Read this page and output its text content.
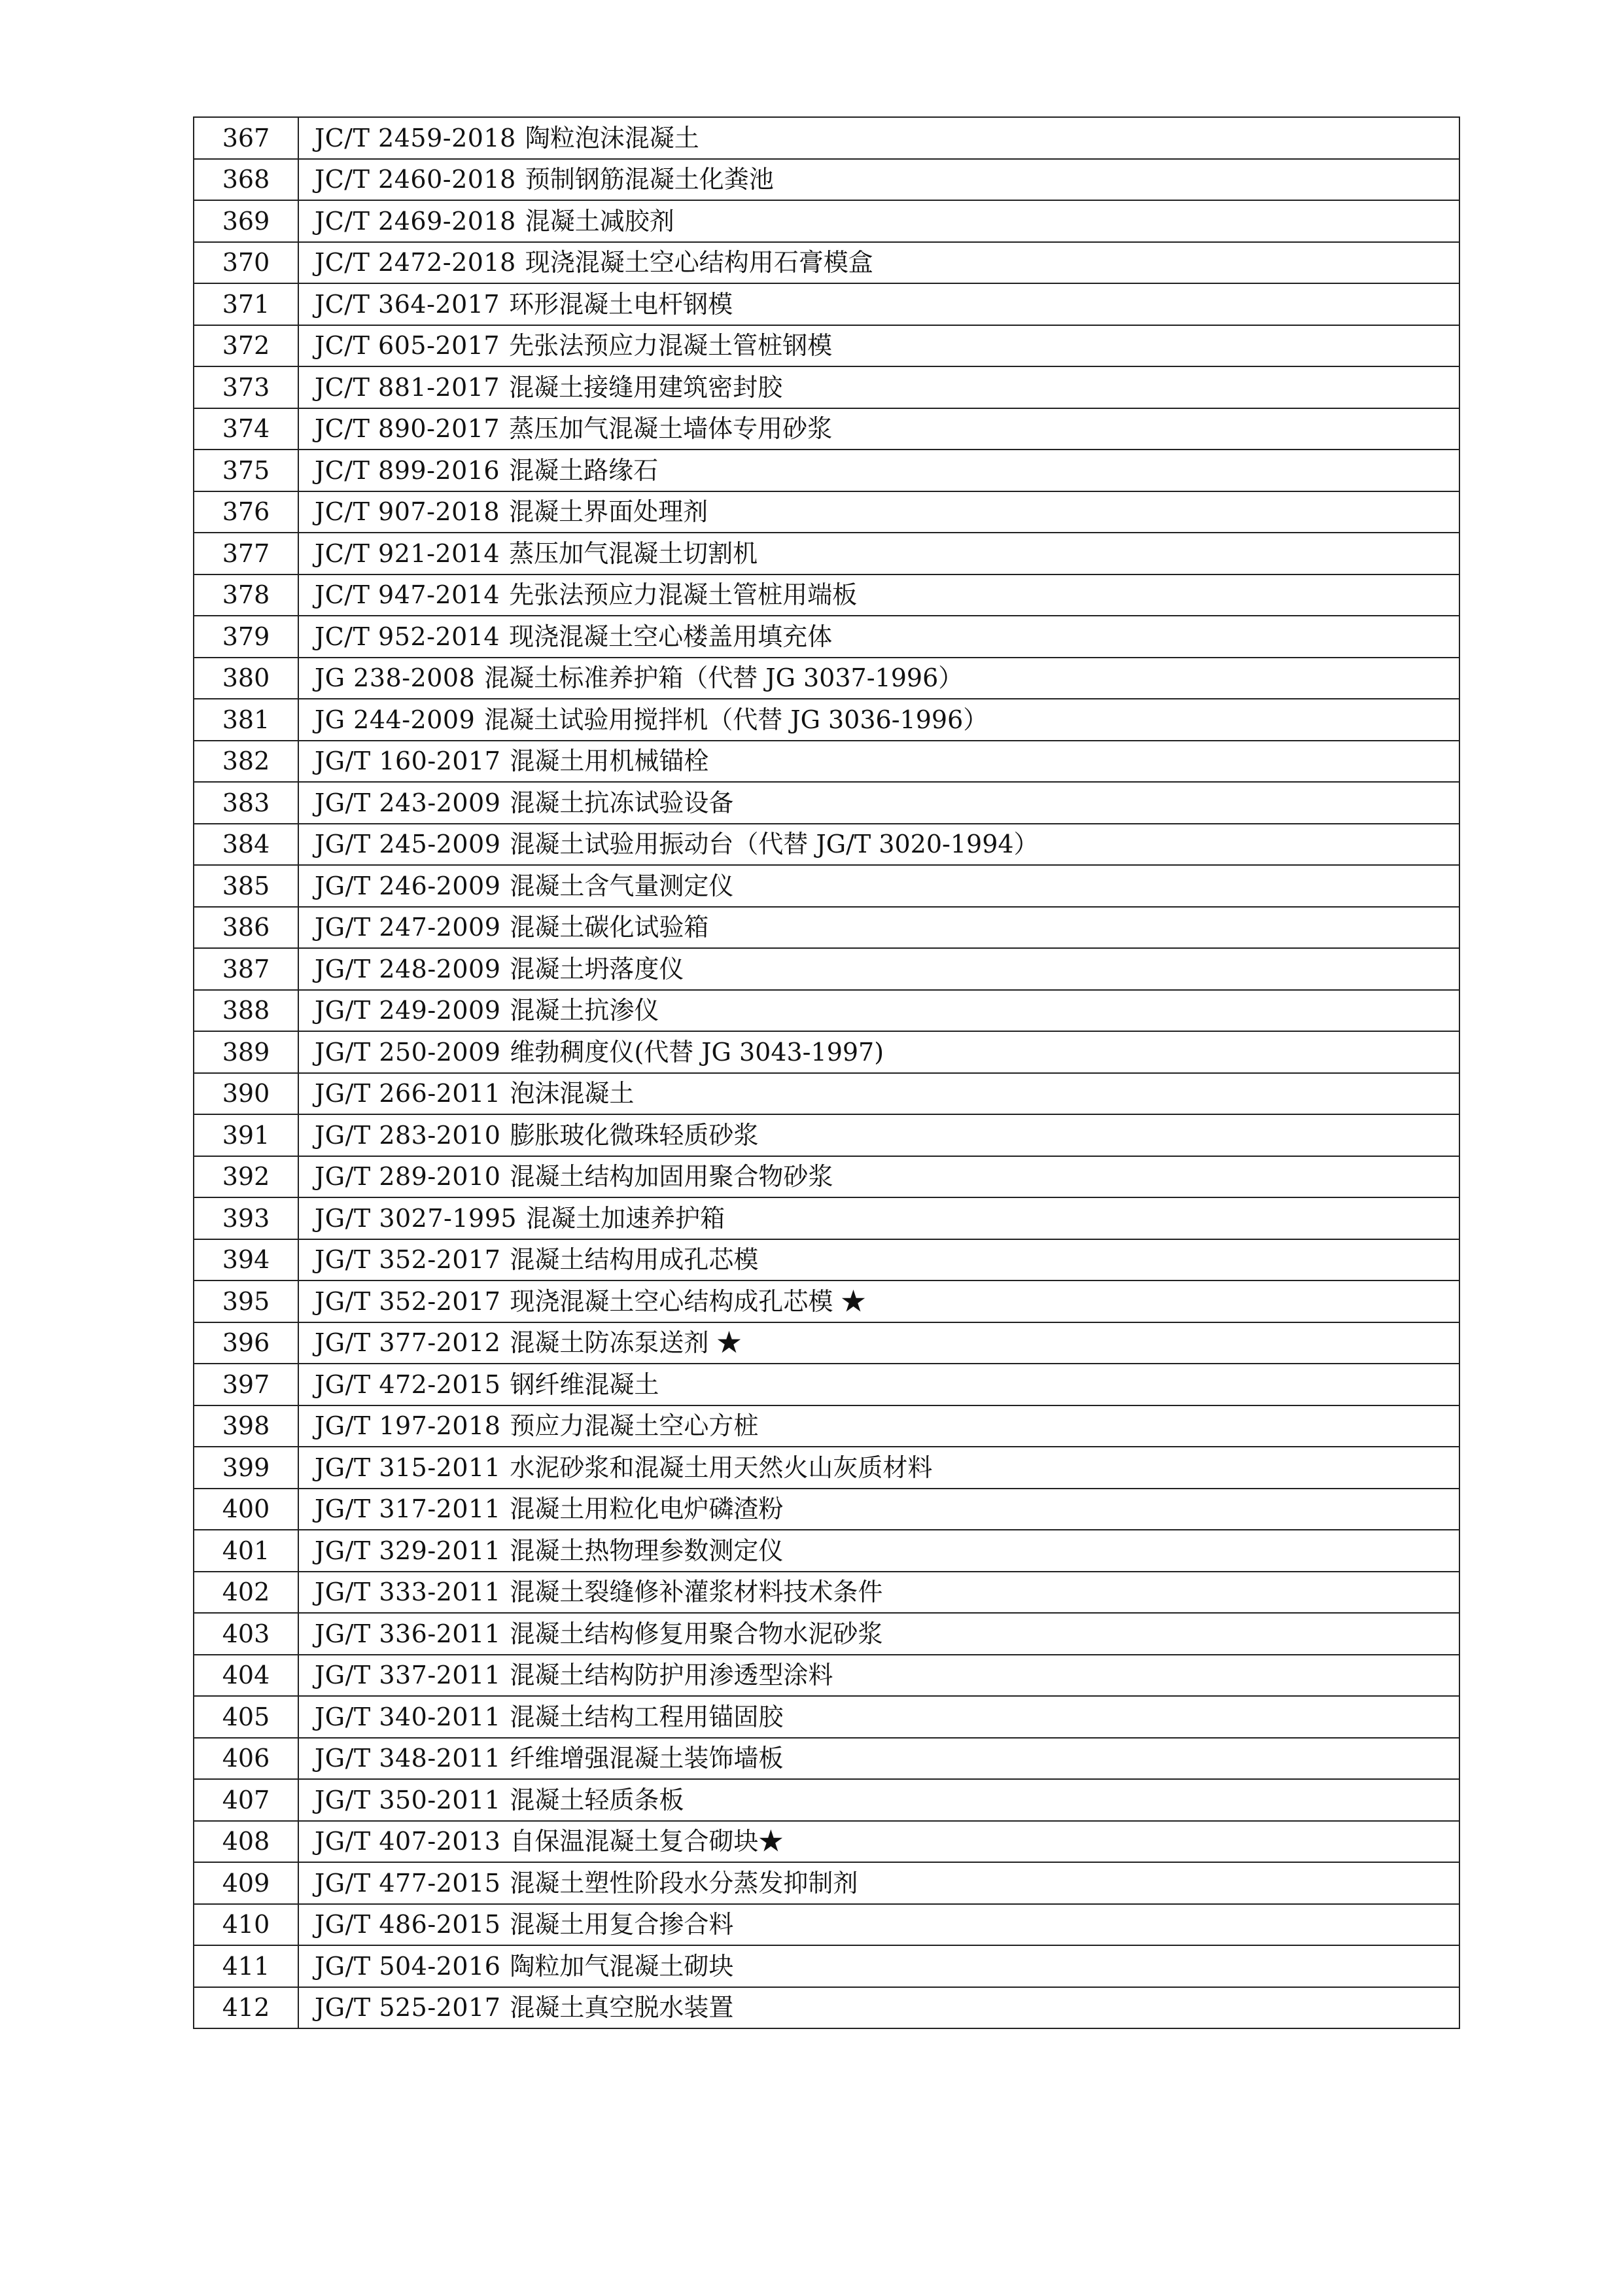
367	JC/T 2459-2018 陶粒泡沫混凝土
368	JC/T 2460-2018 预制钢筋混凝土化粪池
369	JC/T 2469-2018 混凝土减胶剂
370	JC/T 2472-2018 现浇混凝土空心结构用石膏模盒
371	JC/T 364-2017 环形混凝土电杆钢模
372	JC/T 605-2017 先张法预应力混凝土管桩钢模
373	JC/T 881-2017 混凝土接缝用建筑密封胶
374	JC/T 890-2017 蒸压加气混凝土墙体专用砂浆
375	JC/T 899-2016 混凝土路缘石
376	JC/T 907-2018 混凝土界面处理剂
377	JC/T 921-2014 蒸压加气混凝土切割机
378	JC/T 947-2014 先张法预应力混凝土管桩用端板
379	JC/T 952-2014 现浇混凝土空心楼盖用填充体
380	JG 238-2008 混凝土标准养护箱（代替 JG 3037-1996）
381	JG 244-2009 混凝土试验用搅拌机（代替 JG 3036-1996）
382	JG/T 160-2017 混凝土用机械锚栓
383	JG/T 243-2009 混凝土抗冻试验设备
384	JG/T 245-2009 混凝土试验用振动台（代替 JG/T 3020-1994）
385	JG/T 246-2009 混凝土含气量测定仪
386	JG/T 247-2009 混凝土碳化试验箱
387	JG/T 248-2009 混凝土坍落度仪
388	JG/T 249-2009 混凝土抗渗仪
389	JG/T 250-2009 维勃稠度仪(代替 JG 3043-1997)
390	JG/T 266-2011 泡沫混凝土
391	JG/T 283-2010 膨胀玻化微珠轻质砂浆
392	JG/T 289-2010 混凝土结构加固用聚合物砂浆
393	JG/T 3027-1995 混凝土加速养护箱
394	JG/T 352-2017 混凝土结构用成孔芯模
395	JG/T 352-2017 现浇混凝土空心结构成孔芯模 ★
396	JG/T 377-2012 混凝土防冻泵送剂 ★
397	JG/T 472-2015 钢纤维混凝土
398	JG/T 197-2018 预应力混凝土空心方桩
399	JG/T 315-2011 水泥砂浆和混凝土用天然火山灰质材料
400	JG/T 317-2011 混凝土用粒化电炉磷渣粉
401	JG/T 329-2011 混凝土热物理参数测定仪
402	JG/T 333-2011 混凝土裂缝修补灌浆材料技术条件
403	JG/T 336-2011 混凝土结构修复用聚合物水泥砂浆
404	JG/T 337-2011 混凝土结构防护用渗透型涂料
405	JG/T 340-2011 混凝土结构工程用锚固胶
406	JG/T 348-2011 纤维增强混凝土装饰墙板
407	JG/T 350-2011 混凝土轻质条板
408	JG/T 407-2013 自保温混凝土复合砌块★
409	JG/T 477-2015 混凝土塑性阶段水分蒸发抑制剂
410	JG/T 486-2015 混凝土用复合掺合料
411	JG/T 504-2016 陶粒加气混凝土砌块
412	JG/T 525-2017 混凝土真空脱水装置
